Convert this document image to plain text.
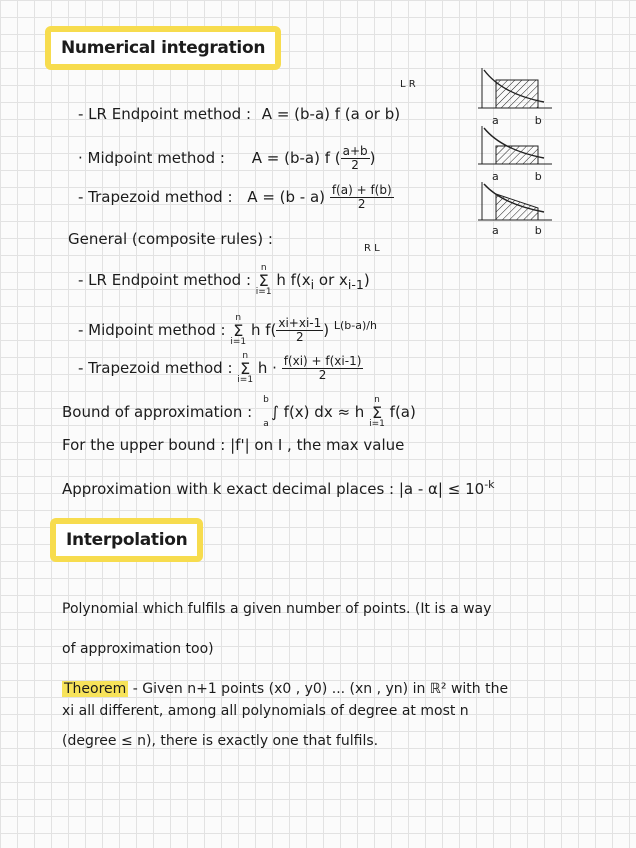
Numerical integration
L R
- LR Endpoint method : A = (b-a) f (a or b)
· Midpoint method : A = (b-a) f ( $\frac{a+b}{2}$ )
- Trapezoid method : $A = (b - a) \frac{f(a) + f(b)}{2}$
a	b
a	b
a	b
General (composite rules) :
R L
- LR Endpoint method : n
Σ
i=1 h $f(x_i$ or $x_{i-1}$)
- Midpoint method : n
Σ
i=1 h $f( \frac{xi+xi-1}{2}$ ) $^{L(b-a)/h}$
- Trapezoid method : n
Σ
i=1 $h \cdot \frac{f(xi) + f(xi-1)}{2}$
Bound of approximation : ba∫ f(x) dx ≈ h n
Σ
i=1 f(a)
For the upper bound : |f'| on I , the max value
Approximation with k exact decimal places : $|a - \alpha| \le 10^{-k}$
Interpolation
Polynomial which fulfils a given number of points. (It is a way
of approximation too)
Theorem - Given n+1 points (x0 , y0) ... (xn , yn) in ℝ² with the
xi all different, among all polynomials of degree at most n
(degree ≤ n), there is exactly one that fulfils.
